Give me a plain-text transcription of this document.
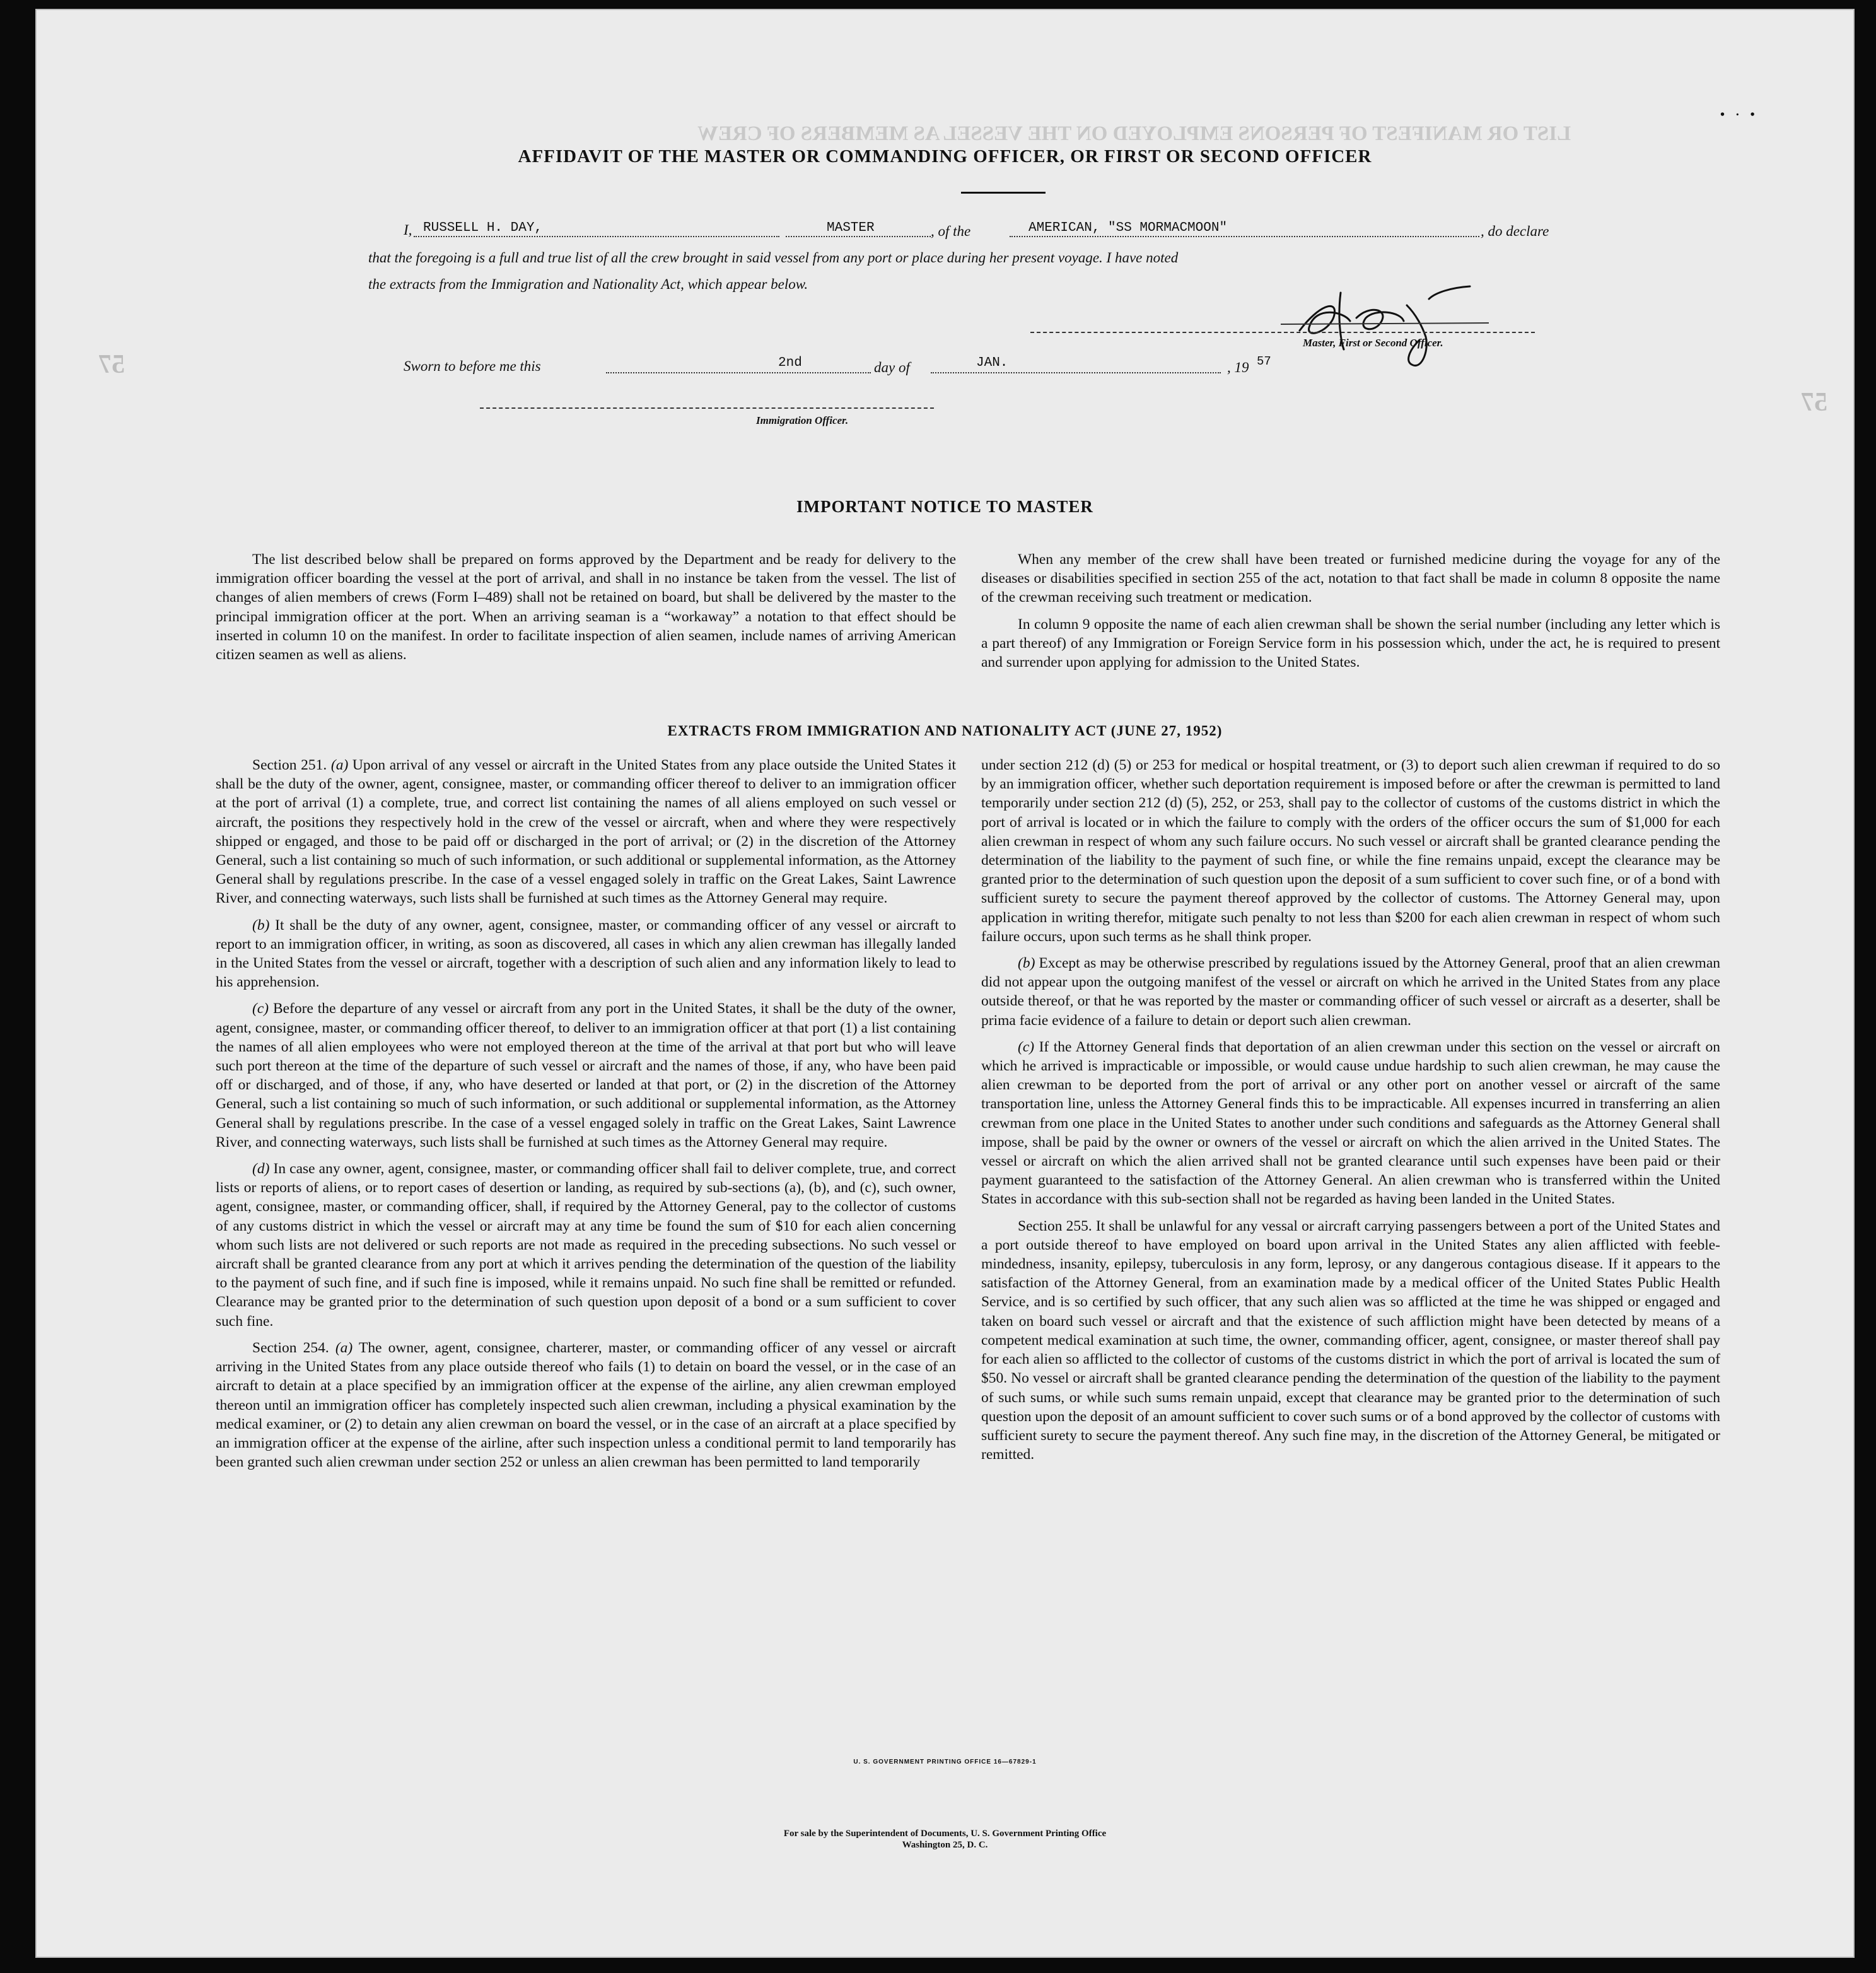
LIST OR MANIFEST OF PERSONS EMPLOYED ON THE VESSEL AS MEMBERS OF CREW
57
57
• · •
AFFIDAVIT OF THE MASTER OR COMMANDING OFFICER, OR FIRST OR SECOND OFFICER
I, RUSSELL H. DAY,	MASTER	, of the	AMERICAN, "SS MORMACMOON"	, do declare
that the foregoing is a full and true list of all the crew brought in said vessel from any port or place during her present voyage. I have noted
the extracts from the Immigration and Nationality Act, which appear below.
Master, First or Second Officer.
Sworn to before me this	2nd	day of	JAN.	, 19 57
Immigration Officer.
IMPORTANT NOTICE TO MASTER

The list described below shall be prepared on forms approved by the Department and be ready for delivery to the immigration officer boarding the vessel at the port of arrival, and shall in no instance be taken from the vessel. The list of changes of alien members of crews (Form I–489) shall not be retained on board, but shall be delivered by the master to the principal immigration officer at the port. When an arriving seaman is a “workaway” a notation to that effect should be inserted in column 10 on the manifest. In order to facilitate inspection of alien seamen, include names of arriving American citizen seamen as well as aliens.

When any member of the crew shall have been treated or furnished medicine during the voyage for any of the diseases or disabilities specified in section 255 of the act, notation to that fact shall be made in column 8 opposite the name of the crewman receiving such treatment or medication.

In column 9 opposite the name of each alien crewman shall be shown the serial number (including any letter which is a part thereof) of any Immigration or Foreign Service form in his possession which, under the act, he is required to present and surrender upon applying for admission to the United States.

EXTRACTS FROM IMMIGRATION AND NATIONALITY ACT (JUNE 27, 1952)

Section 251. (a) Upon arrival of any vessel or aircraft in the United States from any place outside the United States it shall be the duty of the owner, agent, consignee, master, or commanding officer thereof to deliver to an immigration officer at the port of arrival (1) a complete, true, and correct list containing the names of all aliens employed on such vessel or aircraft, the positions they respectively hold in the crew of the vessel or aircraft, when and where they were respectively shipped or engaged, and those to be paid off or discharged in the port of arrival; or (2) in the discretion of the Attorney General, such a list containing so much of such information, or such additional or supplemental information, as the Attorney General shall by regulations prescribe. In the case of a vessel engaged solely in traffic on the Great Lakes, Saint Lawrence River, and connecting waterways, such lists shall be furnished at such times as the Attorney General may require.

(b) It shall be the duty of any owner, agent, consignee, master, or commanding officer of any vessel or aircraft to report to an immigration officer, in writing, as soon as discovered, all cases in which any alien crewman has illegally landed in the United States from the vessel or aircraft, together with a description of such alien and any information likely to lead to his apprehension.

(c) Before the departure of any vessel or aircraft from any port in the United States, it shall be the duty of the owner, agent, consignee, master, or commanding officer thereof, to deliver to an immigration officer at that port (1) a list containing the names of all alien employees who were not employed thereon at the time of the arrival at that port but who will leave such port thereon at the time of the departure of such vessel or aircraft and the names of those, if any, who have been paid off or discharged, and of those, if any, who have deserted or landed at that port, or (2) in the discretion of the Attorney General, such a list containing so much of such information, or such additional or supplemental information, as the Attorney General shall by regulations prescribe. In the case of a vessel engaged solely in traffic on the Great Lakes, Saint Lawrence River, and connecting waterways, such lists shall be furnished at such times as the Attorney General may require.

(d) In case any owner, agent, consignee, master, or commanding officer shall fail to deliver complete, true, and correct lists or reports of aliens, or to report cases of desertion or landing, as required by sub-sections (a), (b), and (c), such owner, agent, consignee, master, or commanding officer, shall, if required by the Attorney General, pay to the collector of customs of any customs district in which the vessel or aircraft may at any time be found the sum of $10 for each alien concerning whom such lists are not delivered or such reports are not made as required in the preceding subsections. No such vessel or aircraft shall be granted clearance from any port at which it arrives pending the determination of the question of the liability to the payment of such fine, and if such fine is imposed, while it remains unpaid. No such fine shall be remitted or refunded. Clearance may be granted prior to the determination of such question upon deposit of a bond or a sum sufficient to cover such fine.

Section 254. (a) The owner, agent, consignee, charterer, master, or commanding officer of any vessel or aircraft arriving in the United States from any place outside thereof who fails (1) to detain on board the vessel, or in the case of an aircraft to detain at a place specified by an immigration officer at the expense of the airline, any alien crewman employed thereon until an immigration officer has completely inspected such alien crewman, including a physical examination by the medical examiner, or (2) to detain any alien crewman on board the vessel, or in the case of an aircraft at a place specified by an immigration officer at the expense of the airline, after such inspection unless a conditional permit to land temporarily has been granted such alien crewman under section 252 or unless an alien crewman has been permitted to land temporarily

under section 212 (d) (5) or 253 for medical or hospital treatment, or (3) to deport such alien crewman if required to do so by an immigration officer, whether such deportation requirement is imposed before or after the crewman is permitted to land temporarily under section 212 (d) (5), 252, or 253, shall pay to the collector of customs of the customs district in which the port of arrival is located or in which the failure to comply with the orders of the officer occurs the sum of $1,000 for each alien crewman in respect of whom any such failure occurs. No such vessel or aircraft shall be granted clearance pending the determination of the liability to the payment of such fine, or while the fine remains unpaid, except the clearance may be granted prior to the determination of such question upon the deposit of a sum sufficient to cover such fine, or of a bond with sufficient surety to secure the payment thereof approved by the collector of customs. The Attorney General may, upon application in writing therefor, mitigate such penalty to not less than $200 for each alien crewman in respect of whom such failure occurs, upon such terms as he shall think proper.

(b) Except as may be otherwise prescribed by regulations issued by the Attorney General, proof that an alien crewman did not appear upon the outgoing manifest of the vessel or aircraft on which he arrived in the United States from any place outside thereof, or that he was reported by the master or commanding officer of such vessel or aircraft as a deserter, shall be prima facie evidence of a failure to detain or deport such alien crewman.

(c) If the Attorney General finds that deportation of an alien crewman under this section on the vessel or aircraft on which he arrived is impracticable or impossible, or would cause undue hardship to such alien crewman, he may cause the alien crewman to be deported from the port of arrival or any other port on another vessel or aircraft of the same transportation line, unless the Attorney General finds this to be impracticable. All expenses incurred in transferring an alien crewman from one place in the United States to another under such conditions and safeguards as the Attorney General shall impose, shall be paid by the owner or owners of the vessel or aircraft on which the alien arrived in the United States. The vessel or aircraft on which the alien arrived shall not be granted clearance until such expenses have been paid or their payment guaranteed to the satisfaction of the Attorney General. An alien crewman who is transferred within the United States in accordance with this sub-section shall not be regarded as having been landed in the United States.

Section 255. It shall be unlawful for any vessal or aircraft carrying passengers between a port of the United States and a port outside thereof to have employed on board upon arrival in the United States any alien afflicted with feeble-mindedness, insanity, epilepsy, tuberculosis in any form, leprosy, or any dangerous contagious disease. If it appears to the satisfaction of the Attorney General, from an examination made by a medical officer of the United States Public Health Service, and is so certified by such officer, that any such alien was so afflicted at the time he was shipped or engaged and taken on board such vessel or aircraft and that the existence of such affliction might have been detected by means of a competent medical examination at such time, the owner, commanding officer, agent, consignee, or master thereof shall pay for each alien so afflicted to the collector of customs of the customs district in which the port of arrival is located the sum of $50. No vessel or aircraft shall be granted clearance pending the determination of the question of the liability to the payment of such sums, or while such sums remain unpaid, except that clearance may be granted prior to the determination of such question upon the deposit of an amount sufficient to cover such sums or of a bond approved by the collector of customs with sufficient surety to secure the payment thereof. Any such fine may, in the discretion of the Attorney General, be mitigated or remitted.

U. S. GOVERNMENT PRINTING OFFICE 16—67829-1
For sale by the Superintendent of Documents, U. S. Government Printing Office
Washington 25, D. C.
